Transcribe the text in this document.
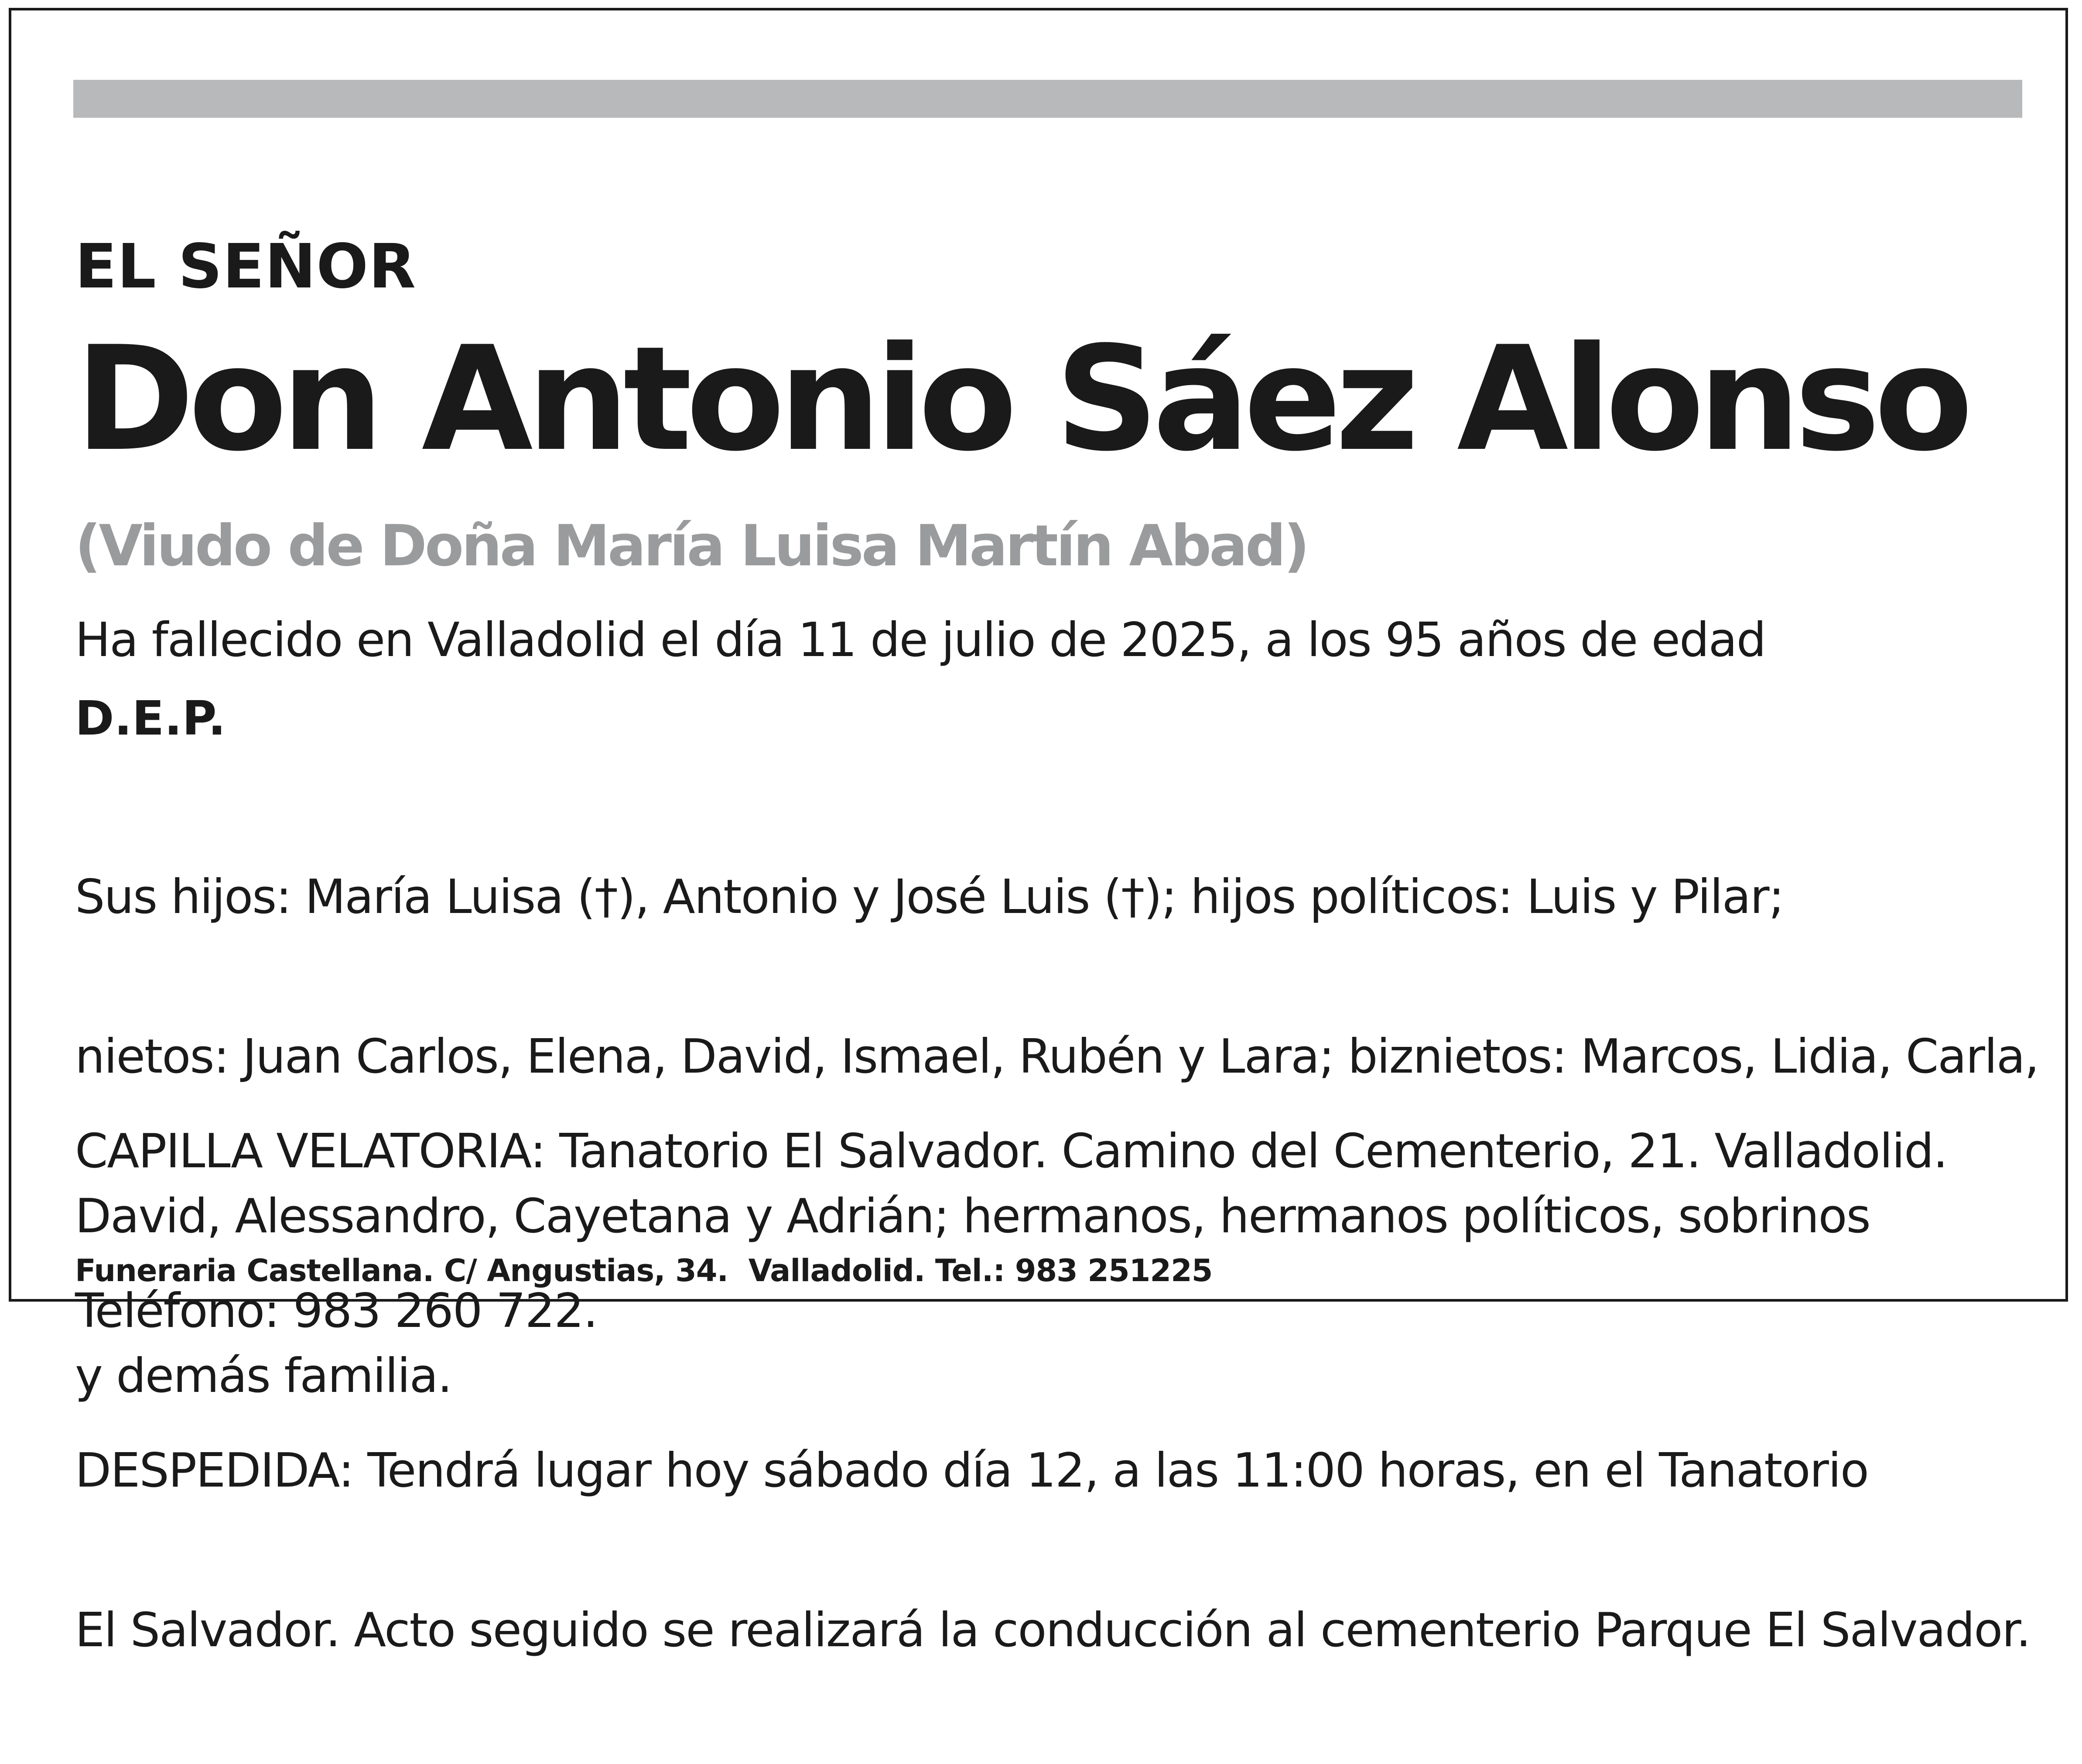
EL SEÑOR

Don Antonio Sáez Alonso

(Viudo de Doña María Luisa Martín Abad)

Ha fallecido en Valladolid el día 11 de julio de 2025, a los 95 años de edad

D.E.P.

Sus hijos: María Luisa (†), Antonio y José Luis (†); hijos políticos: Luis y Pilar;

nietos: Juan Carlos, Elena, David, Ismael, Rubén y Lara; biznietos: Marcos, Lidia, Carla,

David, Alessandro, Cayetana y Adrián; hermanos, hermanos políticos, sobrinos

y demás familia.

CAPILLA VELATORIA: Tanatorio El Salvador. Camino del Cementerio, 21. Valladolid.

Teléfono: 983 260 722.

DESPEDIDA: Tendrá lugar hoy sábado día 12, a las 11:00 horas, en el Tanatorio

El Salvador. Acto seguido se realizará la conducción al cementerio Parque El Salvador.

Funeraria Castellana. C/ Angustias, 34.  Valladolid. Tel.: 983 251225
